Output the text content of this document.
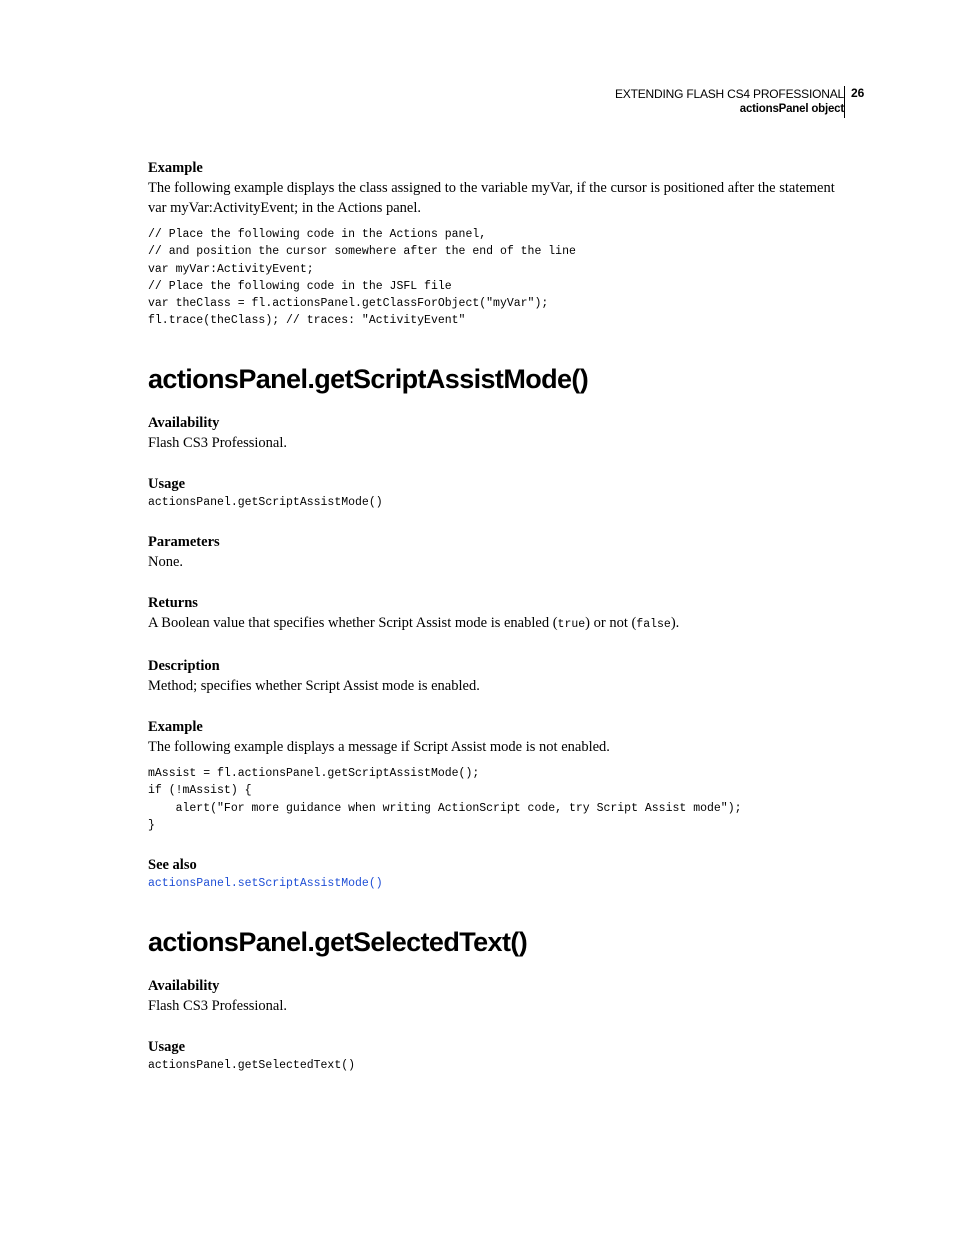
EXTENDING FLASH CS4 PROFESSIONAL
actionsPanel object
26

Example

The following example displays the class assigned to the variable myVar, if the cursor is positioned after the statement var myVar:ActivityEvent; in the Actions panel.

// Place the following code in the Actions panel,
// and position the cursor somewhere after the end of the line
var myVar:ActivityEvent;
// Place the following code in the JSFL file
var theClass = fl.actionsPanel.getClassForObject("myVar");
fl.trace(theClass); // traces: "ActivityEvent"
actionsPanel.getScriptAssistMode()

Availability

Flash CS3 Professional.

Usage

actionsPanel.getScriptAssistMode()

Parameters

None.

Returns

A Boolean value that specifies whether Script Assist mode is enabled (true) or not (false).

Description

Method; specifies whether Script Assist mode is enabled.

Example

The following example displays a message if Script Assist mode is not enabled.

mAssist = fl.actionsPanel.getScriptAssistMode();
if (!mAssist) {
alert("For more guidance when writing ActionScript code, try Script Assist mode");
}

See also

actionsPanel.setScriptAssistMode()
actionsPanel.getSelectedText()

Availability

Flash CS3 Professional.

Usage

actionsPanel.getSelectedText()
